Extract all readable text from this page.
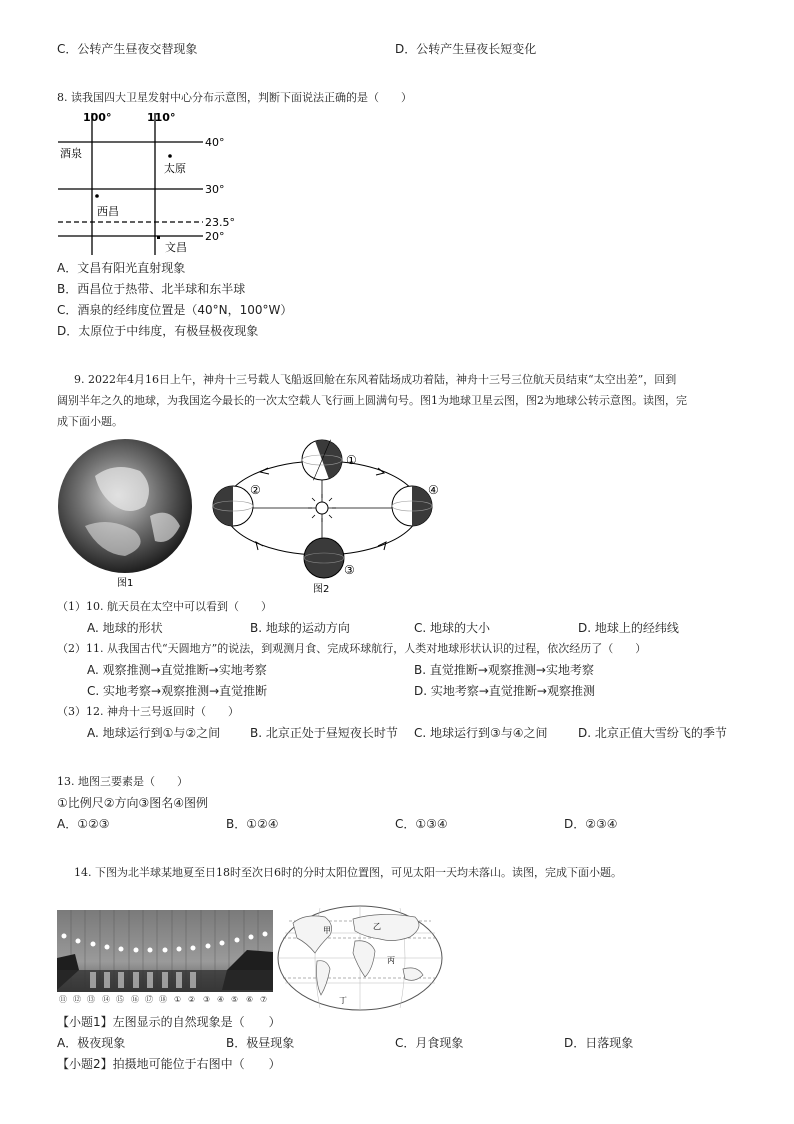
C．公转产生昼夜交替现象	D．公转产生昼夜长短变化
8. 读我国四大卫星发射中心分布示意图，判断下面说法正确的是（　　）
100°	110°
40°
30°
23.5°
20°
酒泉
太原
西昌
文昌
A．文昌有阳光直射现象
B．西昌位于热带、北半球和东半球
C．酒泉的经纬度位置是（40°N，100°W）
D．太原位于中纬度，有极昼极夜现象
9. 2022年4月16日上午，神舟十三号载人飞船返回舱在东风着陆场成功着陆，神舟十三号三位航天员结束“太空出差”，回到
阔别半年之久的地球，为我国迄今最长的一次太空载人飞行画上圆满句号。图1为地球卫星云图，图2为地球公转示意图。读图，完
成下面小题。
图1
①
②
③
④
图2
（1）10. 航天员在太空中可以看到（　　）
A. 地球的形状	B. 地球的运动方向	C. 地球的大小	D. 地球上的经纬线
（2）11. 从我国古代“天圆地方”的说法，到观测月食、完成环球航行，人类对地球形状认识的过程，依次经历了（　　）
A. 观察推测→直觉推断→实地考察	B. 直觉推断→观察推测→实地考察
C. 实地考察→观察推测→直觉推断	D. 实地考察→直觉推断→观察推测
（3）12. 神舟十三号返回时（　　）
A. 地球运行到①与②之间 B. 北京正处于昼短夜长时节 C. 地球运行到③与④之间	D. 北京正值大雪纷飞的季节
13. 地图三要素是（　　）
①比例尺②方向③图名④图例
A．①②③	B．①②④	C．①③④	D．②③④
14. 下图为北半球某地夏至日18时至次日6时的分时太阳位置图，可见太阳一天均未落山。读图，完成下面小题。
⑪ ⑫ ⑬ ⑭ ⑮ ⑯ ⑰ ⑱ ① ② ③ ④ ⑤ ⑥ ⑦
甲	乙
丙
丁
【小题1】左图显示的自然现象是（　　）
A．极夜现象	B．极昼现象	C．月食现象	D．日落现象
【小题2】拍摄地可能位于右图中（　　）
